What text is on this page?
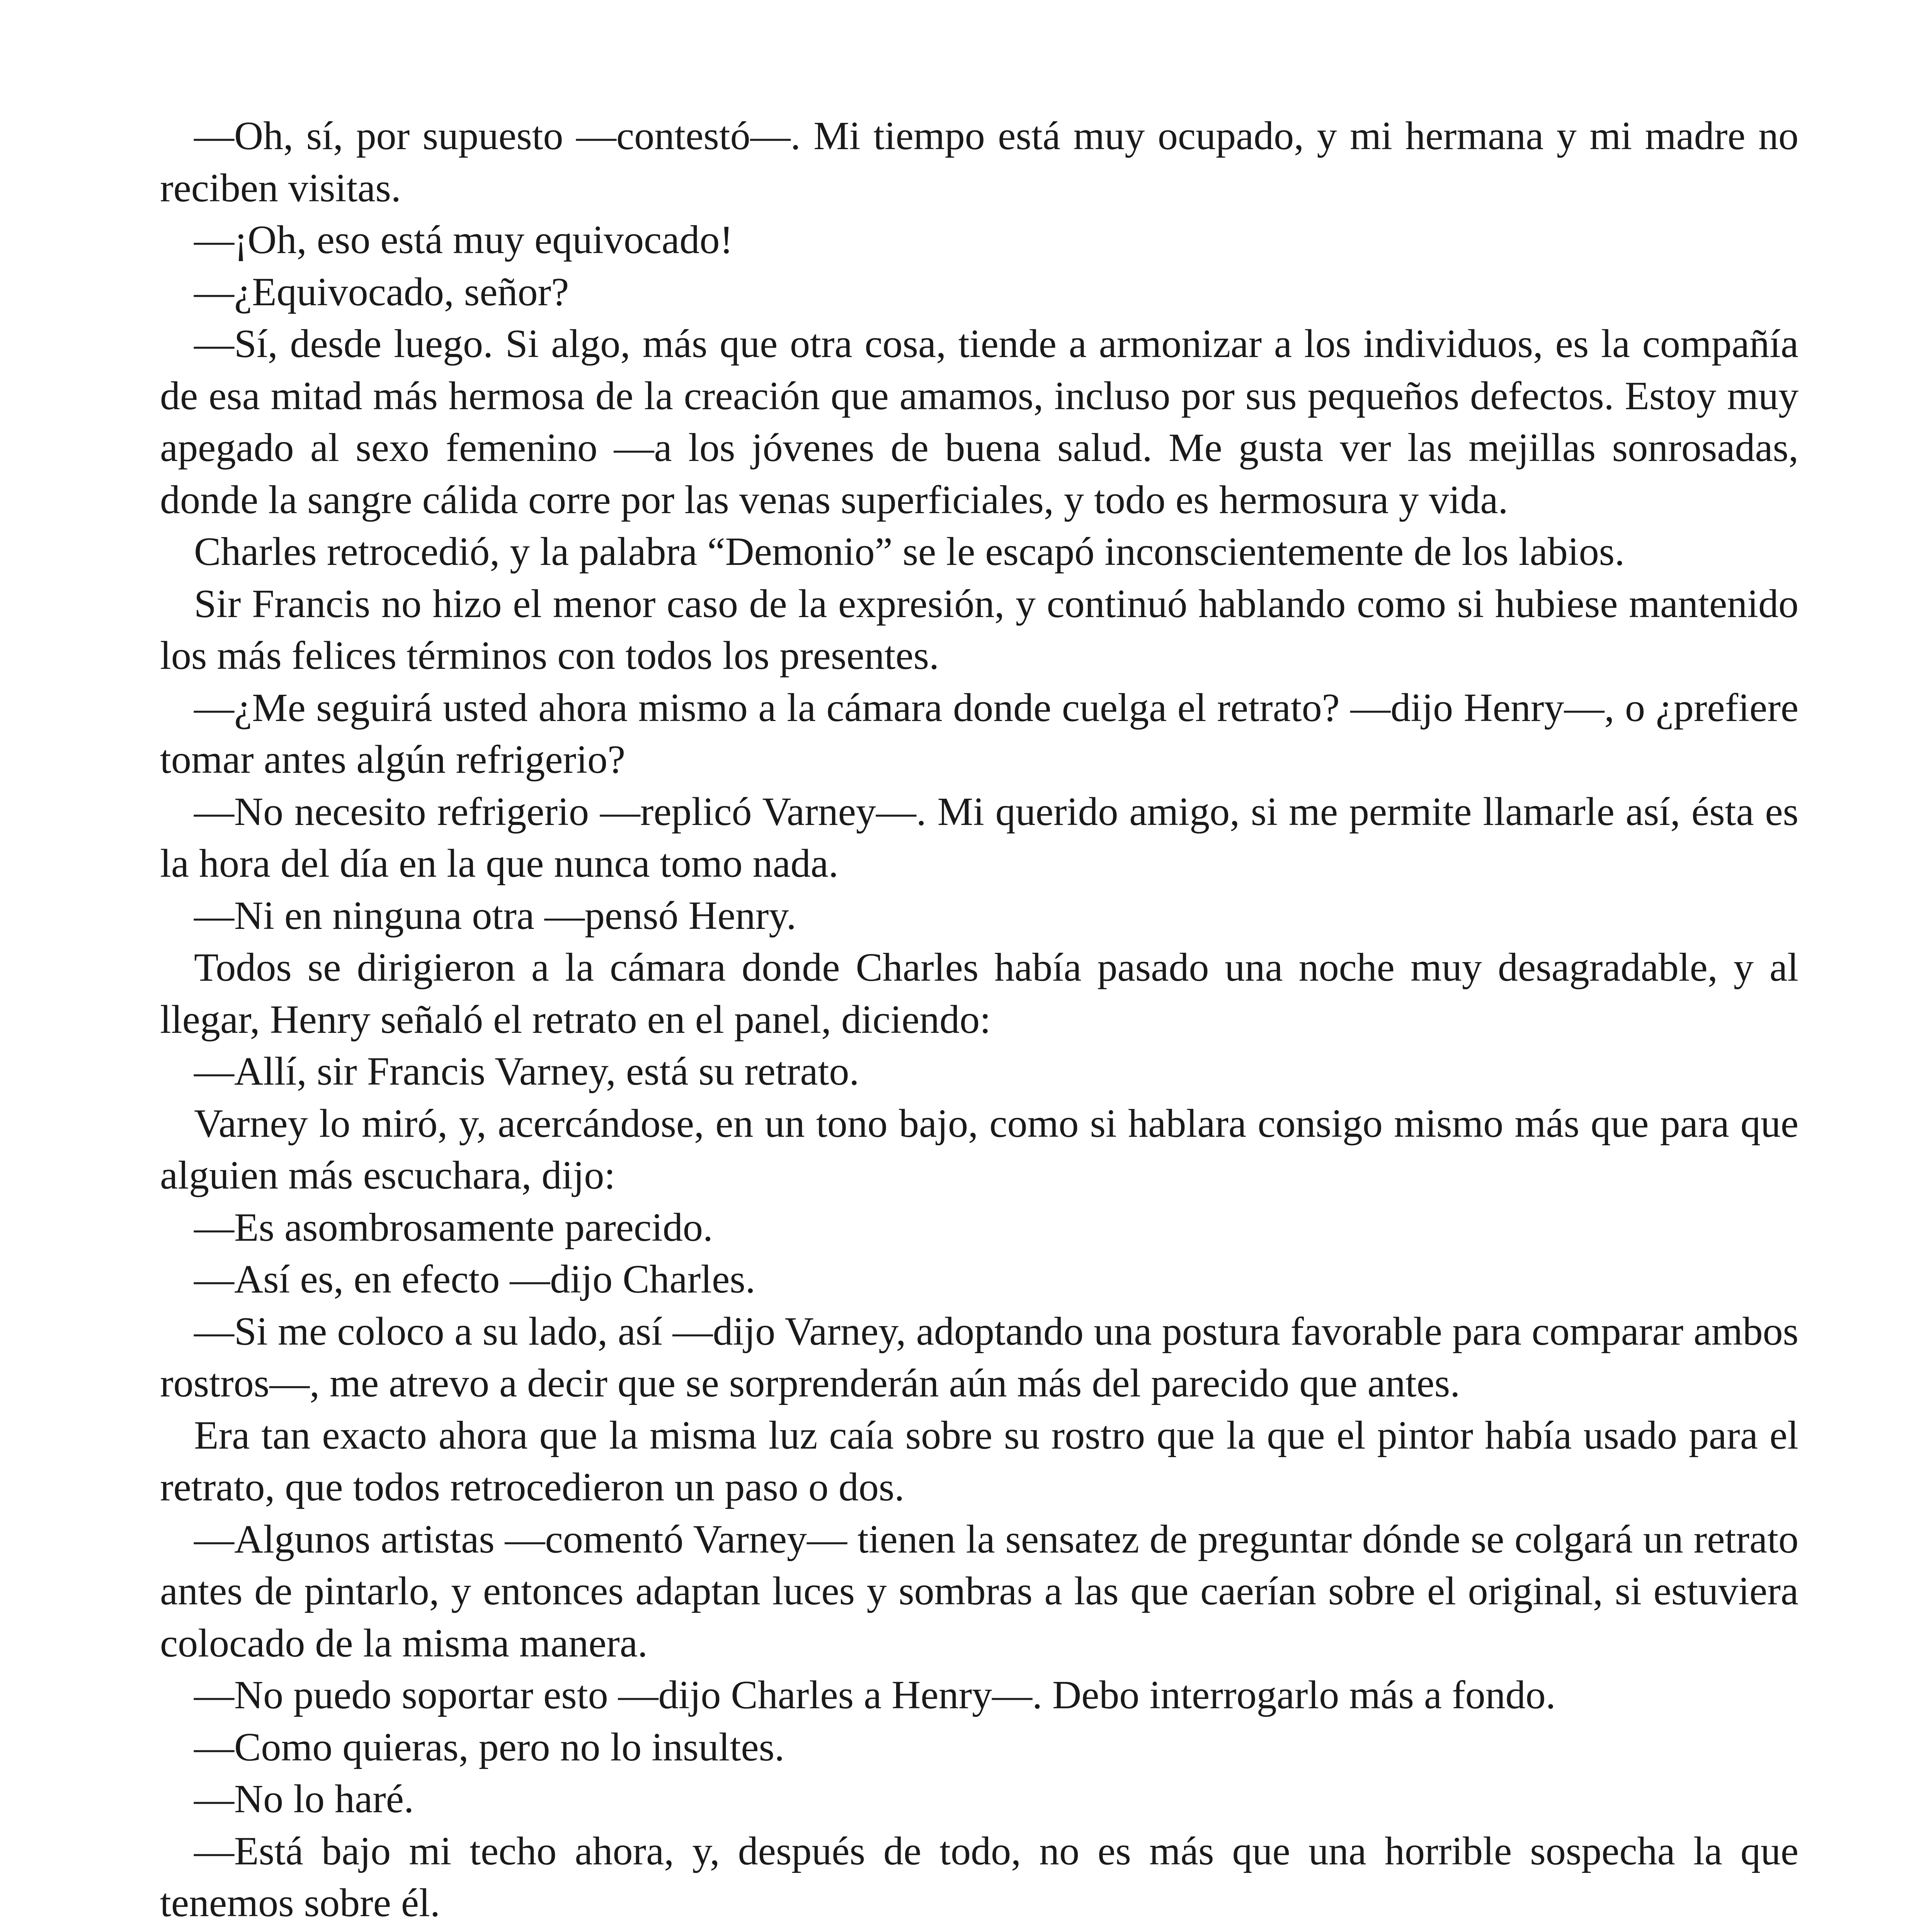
—Oh, sí, por supuesto —contestó—. Mi tiempo está muy ocupado, y mi hermana y mi madre no reciben visitas.

—¡Oh, eso está muy equivocado!

—¿Equivocado, señor?

—Sí, desde luego. Si algo, más que otra cosa, tiende a armonizar a los individuos, es la compañía de esa mitad más hermosa de la creación que amamos, incluso por sus pequeños defectos. Estoy muy apegado al sexo femenino —a los jóvenes de buena salud. Me gusta ver las mejillas sonrosadas, donde la sangre cálida corre por las venas superficiales, y todo es hermosura y vida.

Charles retrocedió, y la palabra “Demonio” se le escapó inconscientemente de los labios.

Sir Francis no hizo el menor caso de la expresión, y continuó hablando como si hubiese mantenido los más felices términos con todos los presentes.

—¿Me seguirá usted ahora mismo a la cámara donde cuelga el retrato? —dijo Henry—, o ¿prefiere tomar antes algún refrigerio?

—No necesito refrigerio —replicó Varney—. Mi querido amigo, si me permite llamarle así, ésta es la hora del día en la que nunca tomo nada.

—Ni en ninguna otra —pensó Henry.

Todos se dirigieron a la cámara donde Charles había pasado una noche muy desagradable, y al llegar, Henry señaló el retrato en el panel, diciendo:

—Allí, sir Francis Varney, está su retrato.

Varney lo miró, y, acercándose, en un tono bajo, como si hablara consigo mismo más que para que alguien más escuchara, dijo:

—Es asombrosamente parecido.

—Así es, en efecto —dijo Charles.

—Si me coloco a su lado, así —dijo Varney, adoptando una postura favorable para comparar ambos rostros—, me atrevo a decir que se sorprenderán aún más del parecido que antes.

Era tan exacto ahora que la misma luz caía sobre su rostro que la que el pintor había usado para el retrato, que todos retrocedieron un paso o dos.

—Algunos artistas —comentó Varney— tienen la sensatez de preguntar dónde se colgará un retrato antes de pintarlo, y entonces adaptan luces y sombras a las que caerían sobre el original, si estuviera colocado de la misma manera.

—No puedo soportar esto —dijo Charles a Henry—. Debo interrogarlo más a fondo.

—Como quieras, pero no lo insultes.

—No lo haré.

—Está bajo mi techo ahora, y, después de todo, no es más que una horrible sospecha la que tenemos sobre él.
